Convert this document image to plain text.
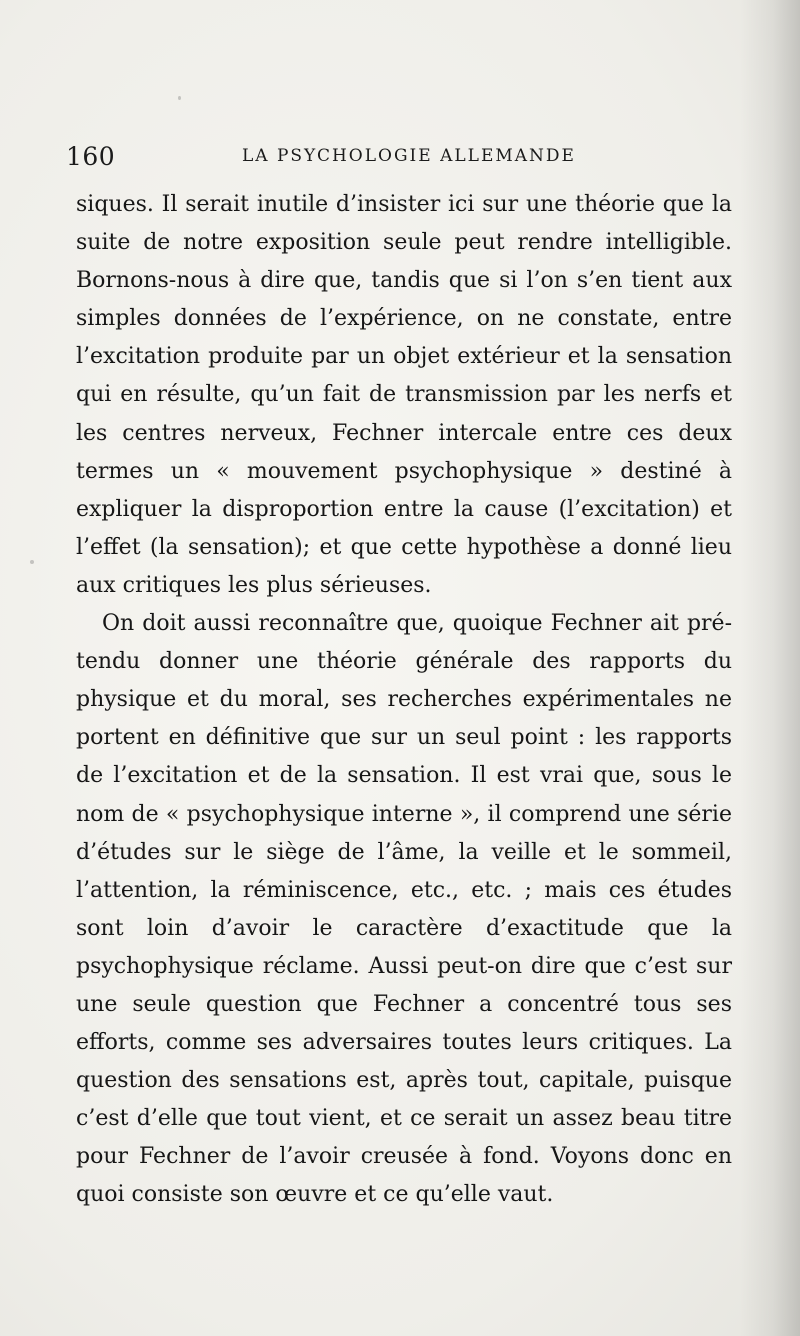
160	LA PSYCHOLOGIE ALLEMANDE

siques. Il serait inutile d’insister ici sur une théorie que la suite de notre exposition seule peut rendre intelligible. Bornons-nous à dire que, tandis que si l’on s’en tient aux simples données de l’expérience, on ne constate, entre l’excitation produite par un objet extérieur et la sensation qui en résulte, qu’un fait de transmission par les nerfs et les centres nerveux, Fechner intercale entre ces deux termes un « mouvement psychophysique » destiné à expliquer la disproportion entre la cause (l’excitation) et l’effet (la sensation); et que cette hypothèse a donné lieu aux critiques les plus sérieuses.

On doit aussi reconnaître que, quoique Fechner ait prétendu donner une théorie générale des rapports du physique et du moral, ses recherches expérimentales ne portent en définitive que sur un seul point : les rapports de l’excitation et de la sensation. Il est vrai que, sous le nom de « psychophysique interne », il comprend une série d’études sur le siège de l’âme, la veille et le sommeil, l’attention, la réminiscence, etc., etc. ; mais ces études sont loin d’avoir le caractère d’exactitude que la psychophysique réclame. Aussi peut-on dire que c’est sur une seule question que Fechner a concentré tous ses efforts, comme ses adversaires toutes leurs critiques. La question des sensations est, après tout, capitale, puisque c’est d’elle que tout vient, et ce serait un assez beau titre pour Fechner de l’avoir creusée à fond. Voyons donc en quoi consiste son œuvre et ce qu’elle vaut.
